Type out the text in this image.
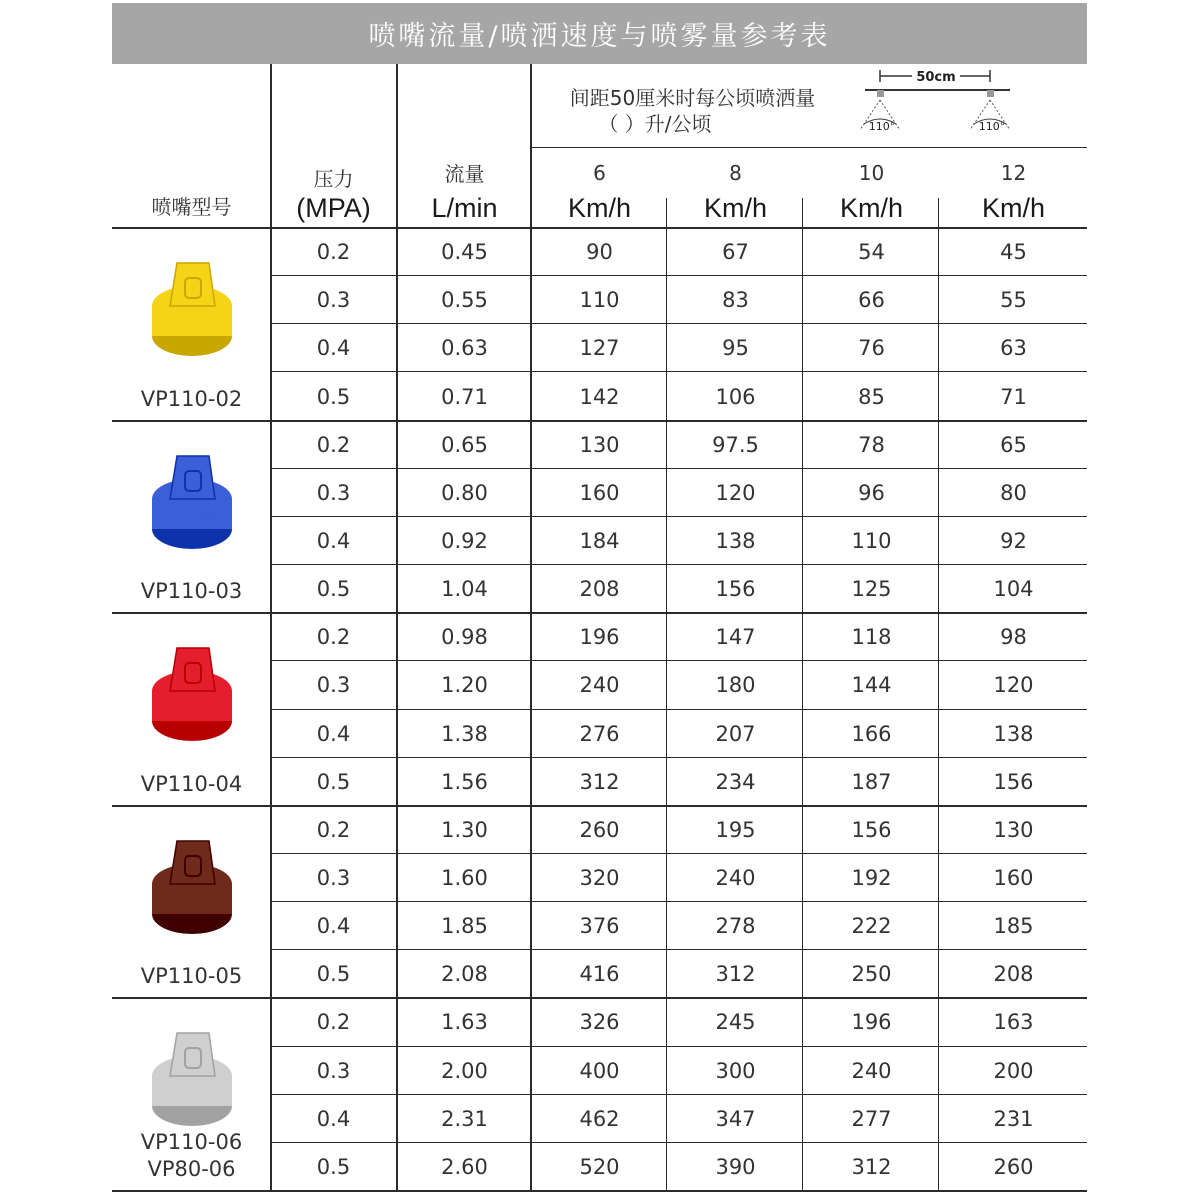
喷嘴流量/喷洒速度与喷雾量参考表
喷嘴型号
压力
(MPA)
流量
L/min
间距50厘米时每公顷喷洒量
（ ）升/公顷
50cm
110°	110°
6
Km/h
8
Km/h
10
Km/h
12
Km/h
VP110-02
0.2	0.45	90	67	54	45
0.3	0.55	110	83	66	55
0.4	0.63	127	95	76	63
0.5	0.71	142	106	85	71
VP110-03
0.2	0.65	130	97.5	78	65
0.3	0.80	160	120	96	80
0.4	0.92	184	138	110	92
0.5	1.04	208	156	125	104
VP110-04
0.2	0.98	196	147	118	98
0.3	1.20	240	180	144	120
0.4	1.38	276	207	166	138
0.5	1.56	312	234	187	156
VP110-05
0.2	1.30	260	195	156	130
0.3	1.60	320	240	192	160
0.4	1.85	376	278	222	185
0.5	2.08	416	312	250	208
VP110-06
VP80-06
0.2	1.63	326	245	196	163
0.3	2.00	400	300	240	200
0.4	2.31	462	347	277	231
0.5	2.60	520	390	312	260
